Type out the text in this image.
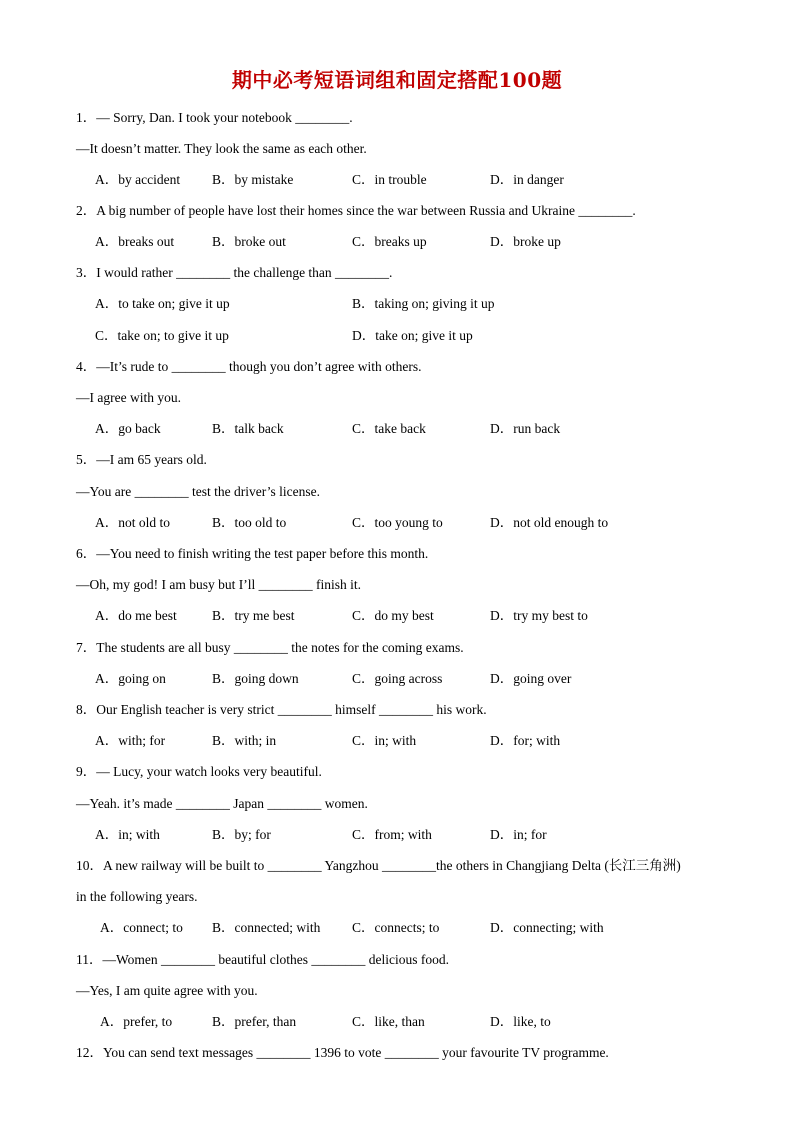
期中必考短语词组和固定搭配100题
1．— Sorry, Dan. I took your notebook ________.
—It doesn’t matter. They look the same as each other.
A．by accident B．by mistake	C．in trouble	D．in danger
2．A big number of people have lost their homes since the war between Russia and Ukraine ________.
A．breaks out	B．broke out	C．breaks up	D．broke up
3．I would rather ________ the challenge than ________.
A．to take on; give it up	B．taking on; giving it up
C．take on; to give it up	D．take on; give it up
4．—It’s rude to ________ though you don’t agree with others.
—I agree with you.
A．go back	B．talk back	C．take back	D．run back
5．—I am 65 years old.
—You are ________ test the driver’s license.
A．not old to	B．too old to	C．too young to	D．not old enough to
6．—You need to finish writing the test paper before this month.
—Oh, my god! I am busy but I’ll ________ finish it.
A．do me best	B．try me best	C．do my best	D．try my best to
7．The students are all busy ________ the notes for the coming exams.
A．going on	B．going down	C．going across	D．going over
8．Our English teacher is very strict ________ himself ________ his work.
A．with; for	B．with; in	C．in; with	D．for; with
9．— Lucy, your watch looks very beautiful.
—Yeah. it’s made ________ Japan ________ women.
A．in; with	B．by; for	C．from; with	D．in; for
10．A new railway will be built to ________ Yangzhou ________the others in Changjiang Delta (长江三角洲)
in the following years.
A．connect; to B．connected; with C．connects; to	D．connecting; with
11．—Women ________ beautiful clothes ________ delicious food.
—Yes, I am quite agree with you.
A．prefer, to	B．prefer, than	C．like, than	D．like, to
12．You can send text messages ________ 1396 to vote ________ your favourite TV programme.
